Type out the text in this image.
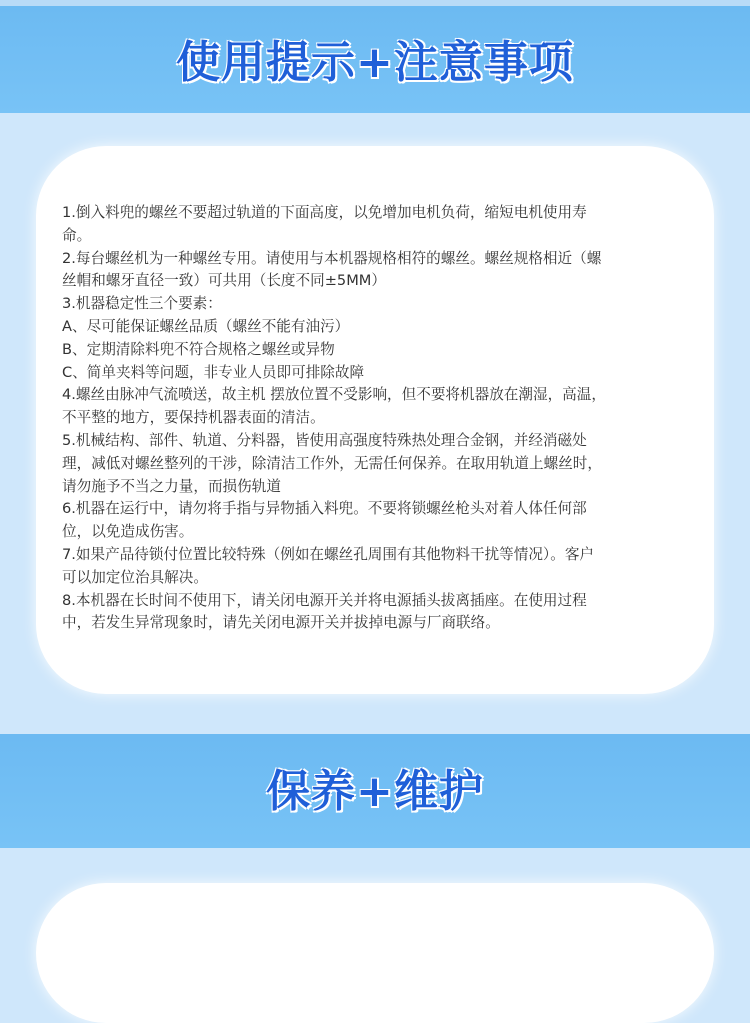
使用提示+注意事项
1.倒入料兜的螺丝不要超过轨道的下面高度，以免增加电机负荷，缩短电机使用寿
命。
2.每台螺丝机为一种螺丝专用。请使用与本机器规格相符的螺丝。螺丝规格相近（螺
丝帽和螺牙直径一致）可共用（长度不同±5MM）
3.机器稳定性三个要素：
A、尽可能保证螺丝品质（螺丝不能有油污）
B、定期清除料兜不符合规格之螺丝或异物
C、简单夹料等问题，非专业人员即可排除故障
4.螺丝由脉冲气流喷送，故主机 摆放位置不受影响，但不要将机器放在潮湿，高温，
不平整的地方，要保持机器表面的清洁。
5.机械结构、部件、轨道、分料器，皆使用高强度特殊热处理合金钢，并经消磁处
理，减低对螺丝整列的干涉，除清洁工作外，无需任何保养。在取用轨道上螺丝时，
请勿施予不当之力量，而损伤轨道
6.机器在运行中，请勿将手指与异物插入料兜。不要将锁螺丝枪头对着人体任何部
位，以免造成伤害。
7.如果产品待锁付位置比较特殊（例如在螺丝孔周围有其他物料干扰等情况）。客户
可以加定位治具解决。
8.本机器在长时间不使用下，请关闭电源开关并将电源插头拔离插座。在使用过程
中，若发生异常现象时，请先关闭电源开关并拔掉电源与厂商联络。
保养+维护
